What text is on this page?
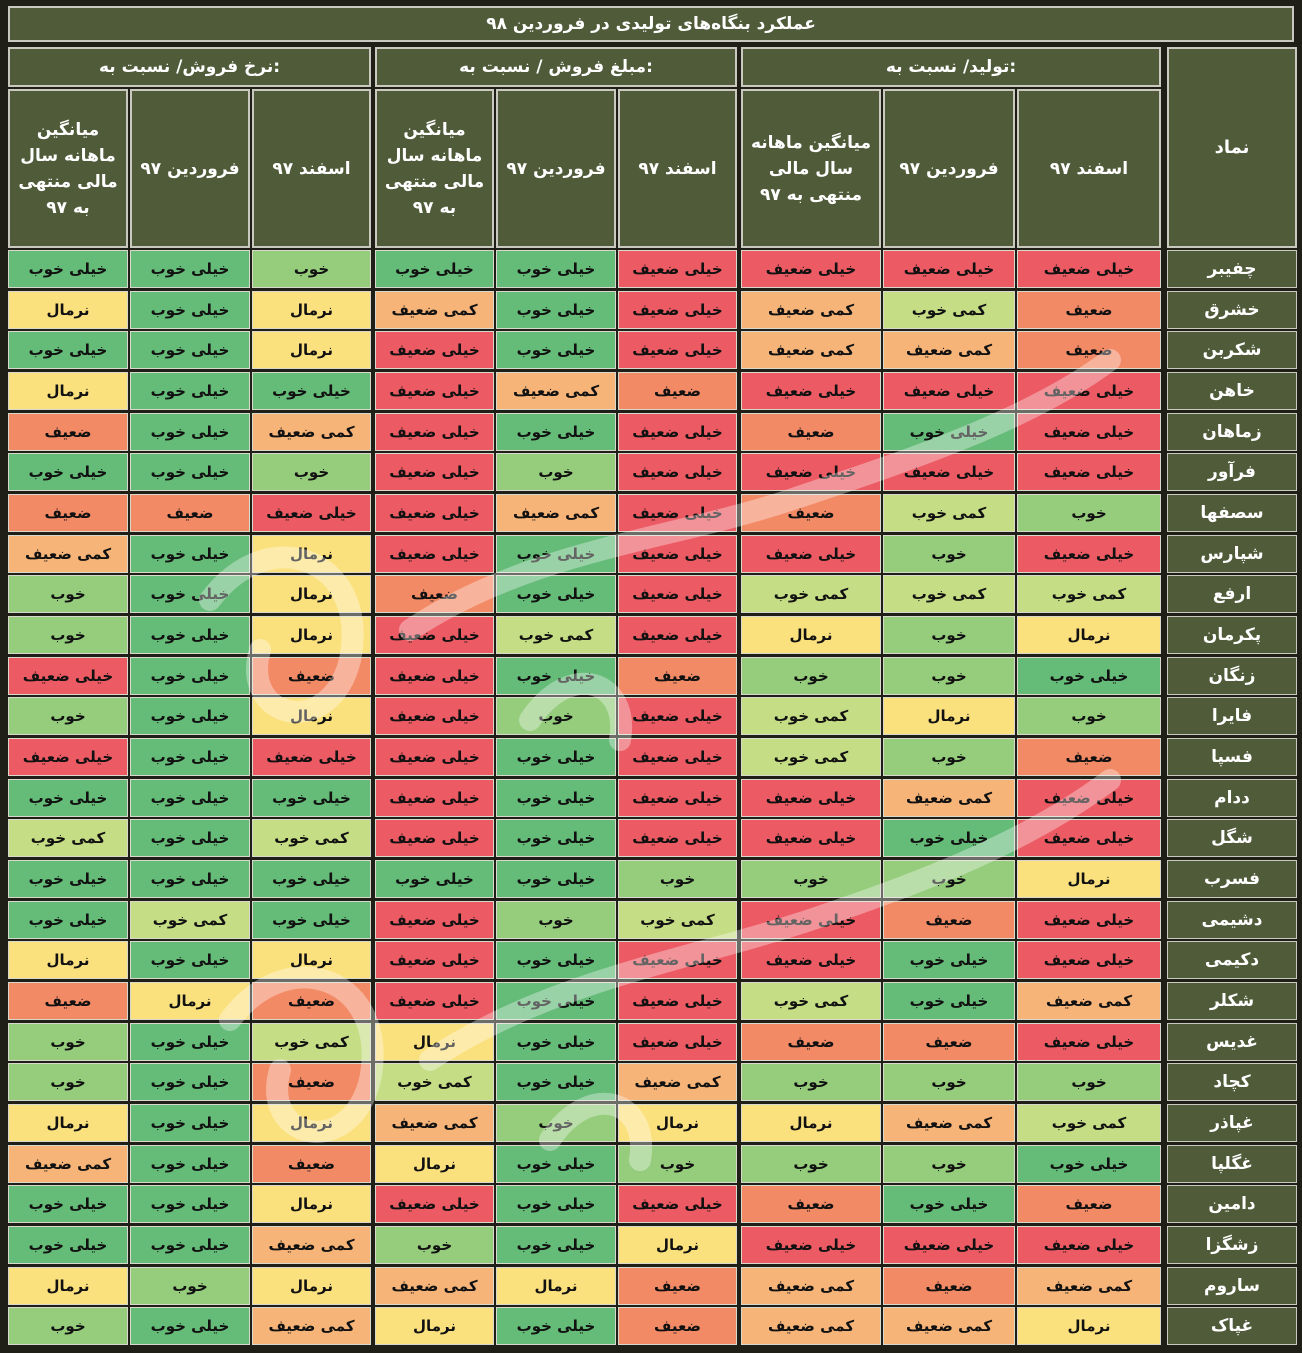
عملکرد بنگاه‌های تولیدی در فروردین ۹۸
نماد
تولید/ نسبت به:
مبلغ فروش / نسبت به:
نرخ فروش/ نسبت به:
اسفند ۹۷
فروردین ۹۷
میانگین ماهانه سال مالی منتهی به ۹۷
اسفند ۹۷
فروردین ۹۷
میانگین ماهانه سال مالی منتهی به ۹۷
اسفند ۹۷
فروردین ۹۷
میانگین ماهانه سال مالی منتهی به ۹۷
چفیبر
خیلی ضعیف
خیلی ضعیف
خیلی ضعیف
خیلی ضعیف
خیلی خوب
خیلی خوب
خوب
خیلی خوب
خیلی خوب
خشرق
ضعیف
کمی خوب
کمی ضعیف
خیلی ضعیف
خیلی خوب
کمی ضعیف
نرمال
خیلی خوب
نرمال
شکربن
ضعیف
کمی ضعیف
کمی ضعیف
خیلی ضعیف
خیلی خوب
خیلی ضعیف
نرمال
خیلی خوب
خیلی خوب
خاهن
خیلی ضعیف
خیلی ضعیف
خیلی ضعیف
ضعیف
کمی ضعیف
خیلی ضعیف
خیلی خوب
خیلی خوب
نرمال
زماهان
خیلی ضعیف
خیلی خوب
ضعیف
خیلی ضعیف
خیلی خوب
خیلی ضعیف
کمی ضعیف
خیلی خوب
ضعیف
فرآور
خیلی ضعیف
خیلی ضعیف
خیلی ضعیف
خیلی ضعیف
خوب
خیلی ضعیف
خوب
خیلی خوب
خیلی خوب
سصفها
خوب
کمی خوب
ضعیف
خیلی ضعیف
کمی ضعیف
خیلی ضعیف
خیلی ضعیف
ضعیف
ضعیف
شپارس
خیلی ضعیف
خوب
خیلی ضعیف
خیلی ضعیف
خیلی خوب
خیلی ضعیف
نرمال
خیلی خوب
کمی ضعیف
ارفع
کمی خوب
کمی خوب
کمی خوب
خیلی ضعیف
خیلی خوب
ضعیف
نرمال
خیلی خوب
خوب
پکرمان
نرمال
خوب
نرمال
خیلی ضعیف
کمی خوب
خیلی ضعیف
نرمال
خیلی خوب
خوب
زنگان
خیلی خوب
خوب
خوب
ضعیف
خیلی خوب
خیلی ضعیف
ضعیف
خیلی خوب
خیلی ضعیف
فایرا
خوب
نرمال
کمی خوب
خیلی ضعیف
خوب
خیلی ضعیف
نرمال
خیلی خوب
خوب
فسپا
ضعیف
خوب
کمی خوب
خیلی ضعیف
خیلی خوب
خیلی ضعیف
خیلی ضعیف
خیلی خوب
خیلی ضعیف
ددام
خیلی ضعیف
کمی ضعیف
خیلی ضعیف
خیلی ضعیف
خیلی خوب
خیلی ضعیف
خیلی خوب
خیلی خوب
خیلی خوب
شگل
خیلی ضعیف
خیلی خوب
خیلی ضعیف
خیلی ضعیف
خیلی خوب
خیلی ضعیف
کمی خوب
خیلی خوب
کمی خوب
فسرب
نرمال
خوب
خوب
خوب
خیلی خوب
خیلی خوب
خیلی خوب
خیلی خوب
خیلی خوب
دشیمی
خیلی ضعیف
ضعیف
خیلی ضعیف
کمی خوب
خوب
خیلی ضعیف
خیلی خوب
کمی خوب
خیلی خوب
دکیمی
خیلی ضعیف
خیلی خوب
خیلی ضعیف
خیلی ضعیف
خیلی خوب
خیلی ضعیف
نرمال
خیلی خوب
نرمال
شکلر
کمی ضعیف
خیلی خوب
کمی خوب
خیلی ضعیف
خیلی خوب
خیلی ضعیف
ضعیف
نرمال
ضعیف
غدیس
خیلی ضعیف
ضعیف
ضعیف
خیلی ضعیف
خیلی خوب
نرمال
کمی خوب
خیلی خوب
خوب
کچاد
خوب
خوب
خوب
کمی ضعیف
خیلی خوب
کمی خوب
ضعیف
خیلی خوب
خوب
غپاذر
کمی خوب
کمی ضعیف
نرمال
نرمال
خوب
کمی ضعیف
نرمال
خیلی خوب
نرمال
غگلپا
خیلی خوب
خوب
خوب
خوب
خیلی خوب
نرمال
ضعیف
خیلی خوب
کمی ضعیف
دامین
ضعیف
خیلی خوب
ضعیف
خیلی ضعیف
خیلی خوب
خیلی ضعیف
نرمال
خیلی خوب
خیلی خوب
زشگزا
خیلی ضعیف
خیلی ضعیف
خیلی ضعیف
نرمال
خیلی خوب
خوب
کمی ضعیف
خیلی خوب
خیلی خوب
ساروم
کمی ضعیف
ضعیف
کمی ضعیف
ضعیف
نرمال
کمی ضعیف
نرمال
خوب
نرمال
غپاک
نرمال
کمی ضعیف
کمی ضعیف
ضعیف
خیلی خوب
نرمال
کمی ضعیف
خیلی خوب
خوب
